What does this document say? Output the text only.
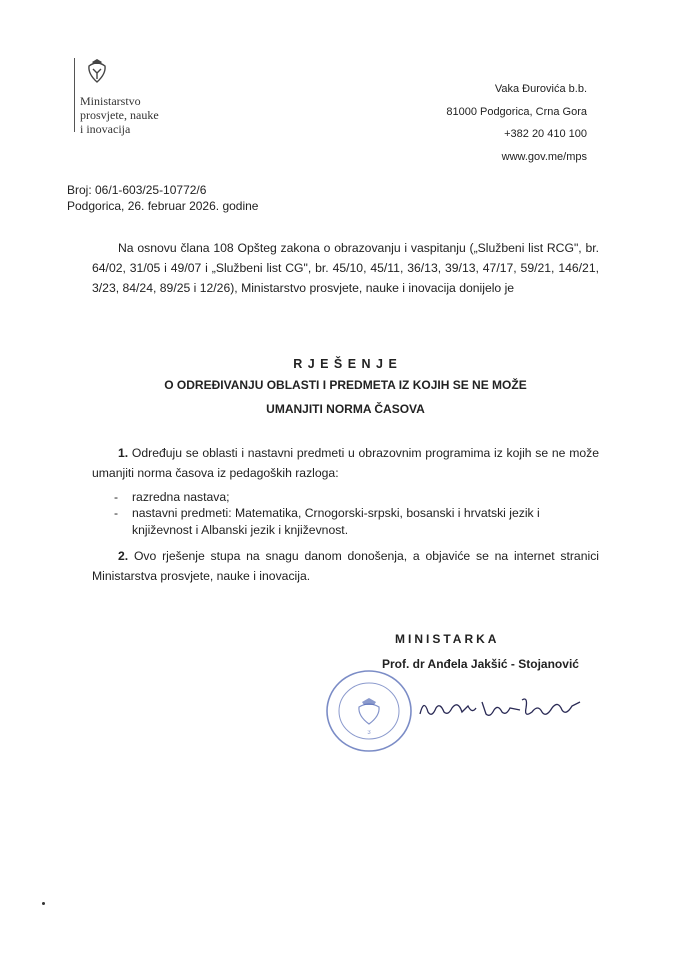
Ministarstvo
prosvjete, nauke
i inovacija
Vaka Đurovića b.b.
81000 Podgorica, Crna Gora
+382 20 410 100
www.gov.me/mps
Broj: 06/1-603/25-10772/6
Podgorica, 26. februar 2026. godine
Na osnovu člana 108 Opšteg zakona o obrazovanju i vaspitanju („Službeni list RCG", br. 64/02, 31/05 i 49/07 i „Službeni list CG", br. 45/10, 45/11, 36/13, 39/13, 47/17, 59/21, 146/21, 3/23, 84/24, 89/25 i 12/26), Ministarstvo prosvjete, nauke i inovacija donijelo je
R J E Š E N J E
O ODREĐIVANJU OBLASTI I PREDMETA IZ KOJIH SE NE MOŽE
UMANJITI NORMA ČASOVA
1. Određuju se oblasti i nastavni predmeti u obrazovnim programima iz kojih se ne može umanjiti norma časova iz pedagoških razloga:
- razredna nastava;
- nastavni predmeti: Matematika, Crnogorski-srpski, bosanski i hrvatski jezik i književnost i Albanski jezik i književnost.
2. Ovo rješenje stupa na snagu danom donošenja, a objaviće se na internet stranici Ministarstva prosvjete, nauke i inovacija.
MINISTARKA
Prof. dr Anđela Jakšić - Stojanović
3
